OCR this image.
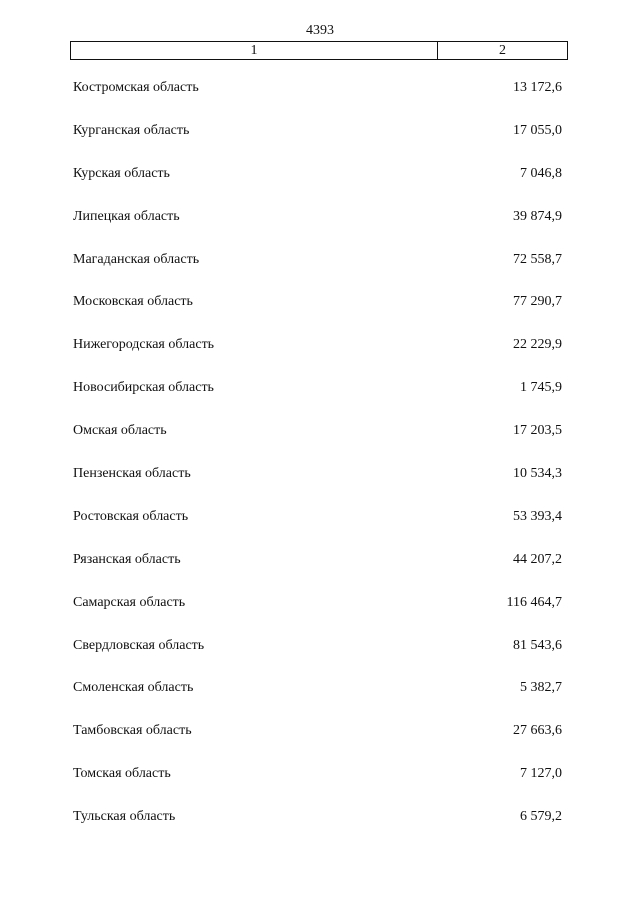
4393
1	2
Костромская область	13 172,6
Курганская область	17 055,0
Курская область	7 046,8
Липецкая область	39 874,9
Магаданская область	72 558,7
Московская область	77 290,7
Нижегородская область	22 229,9
Новосибирская область	1 745,9
Омская область	17 203,5
Пензенская область	10 534,3
Ростовская область	53 393,4
Рязанская область	44 207,2
Самарская область	116 464,7
Свердловская область	81 543,6
Смоленская область	5 382,7
Тамбовская область	27 663,6
Томская область	7 127,0
Тульская область	6 579,2
